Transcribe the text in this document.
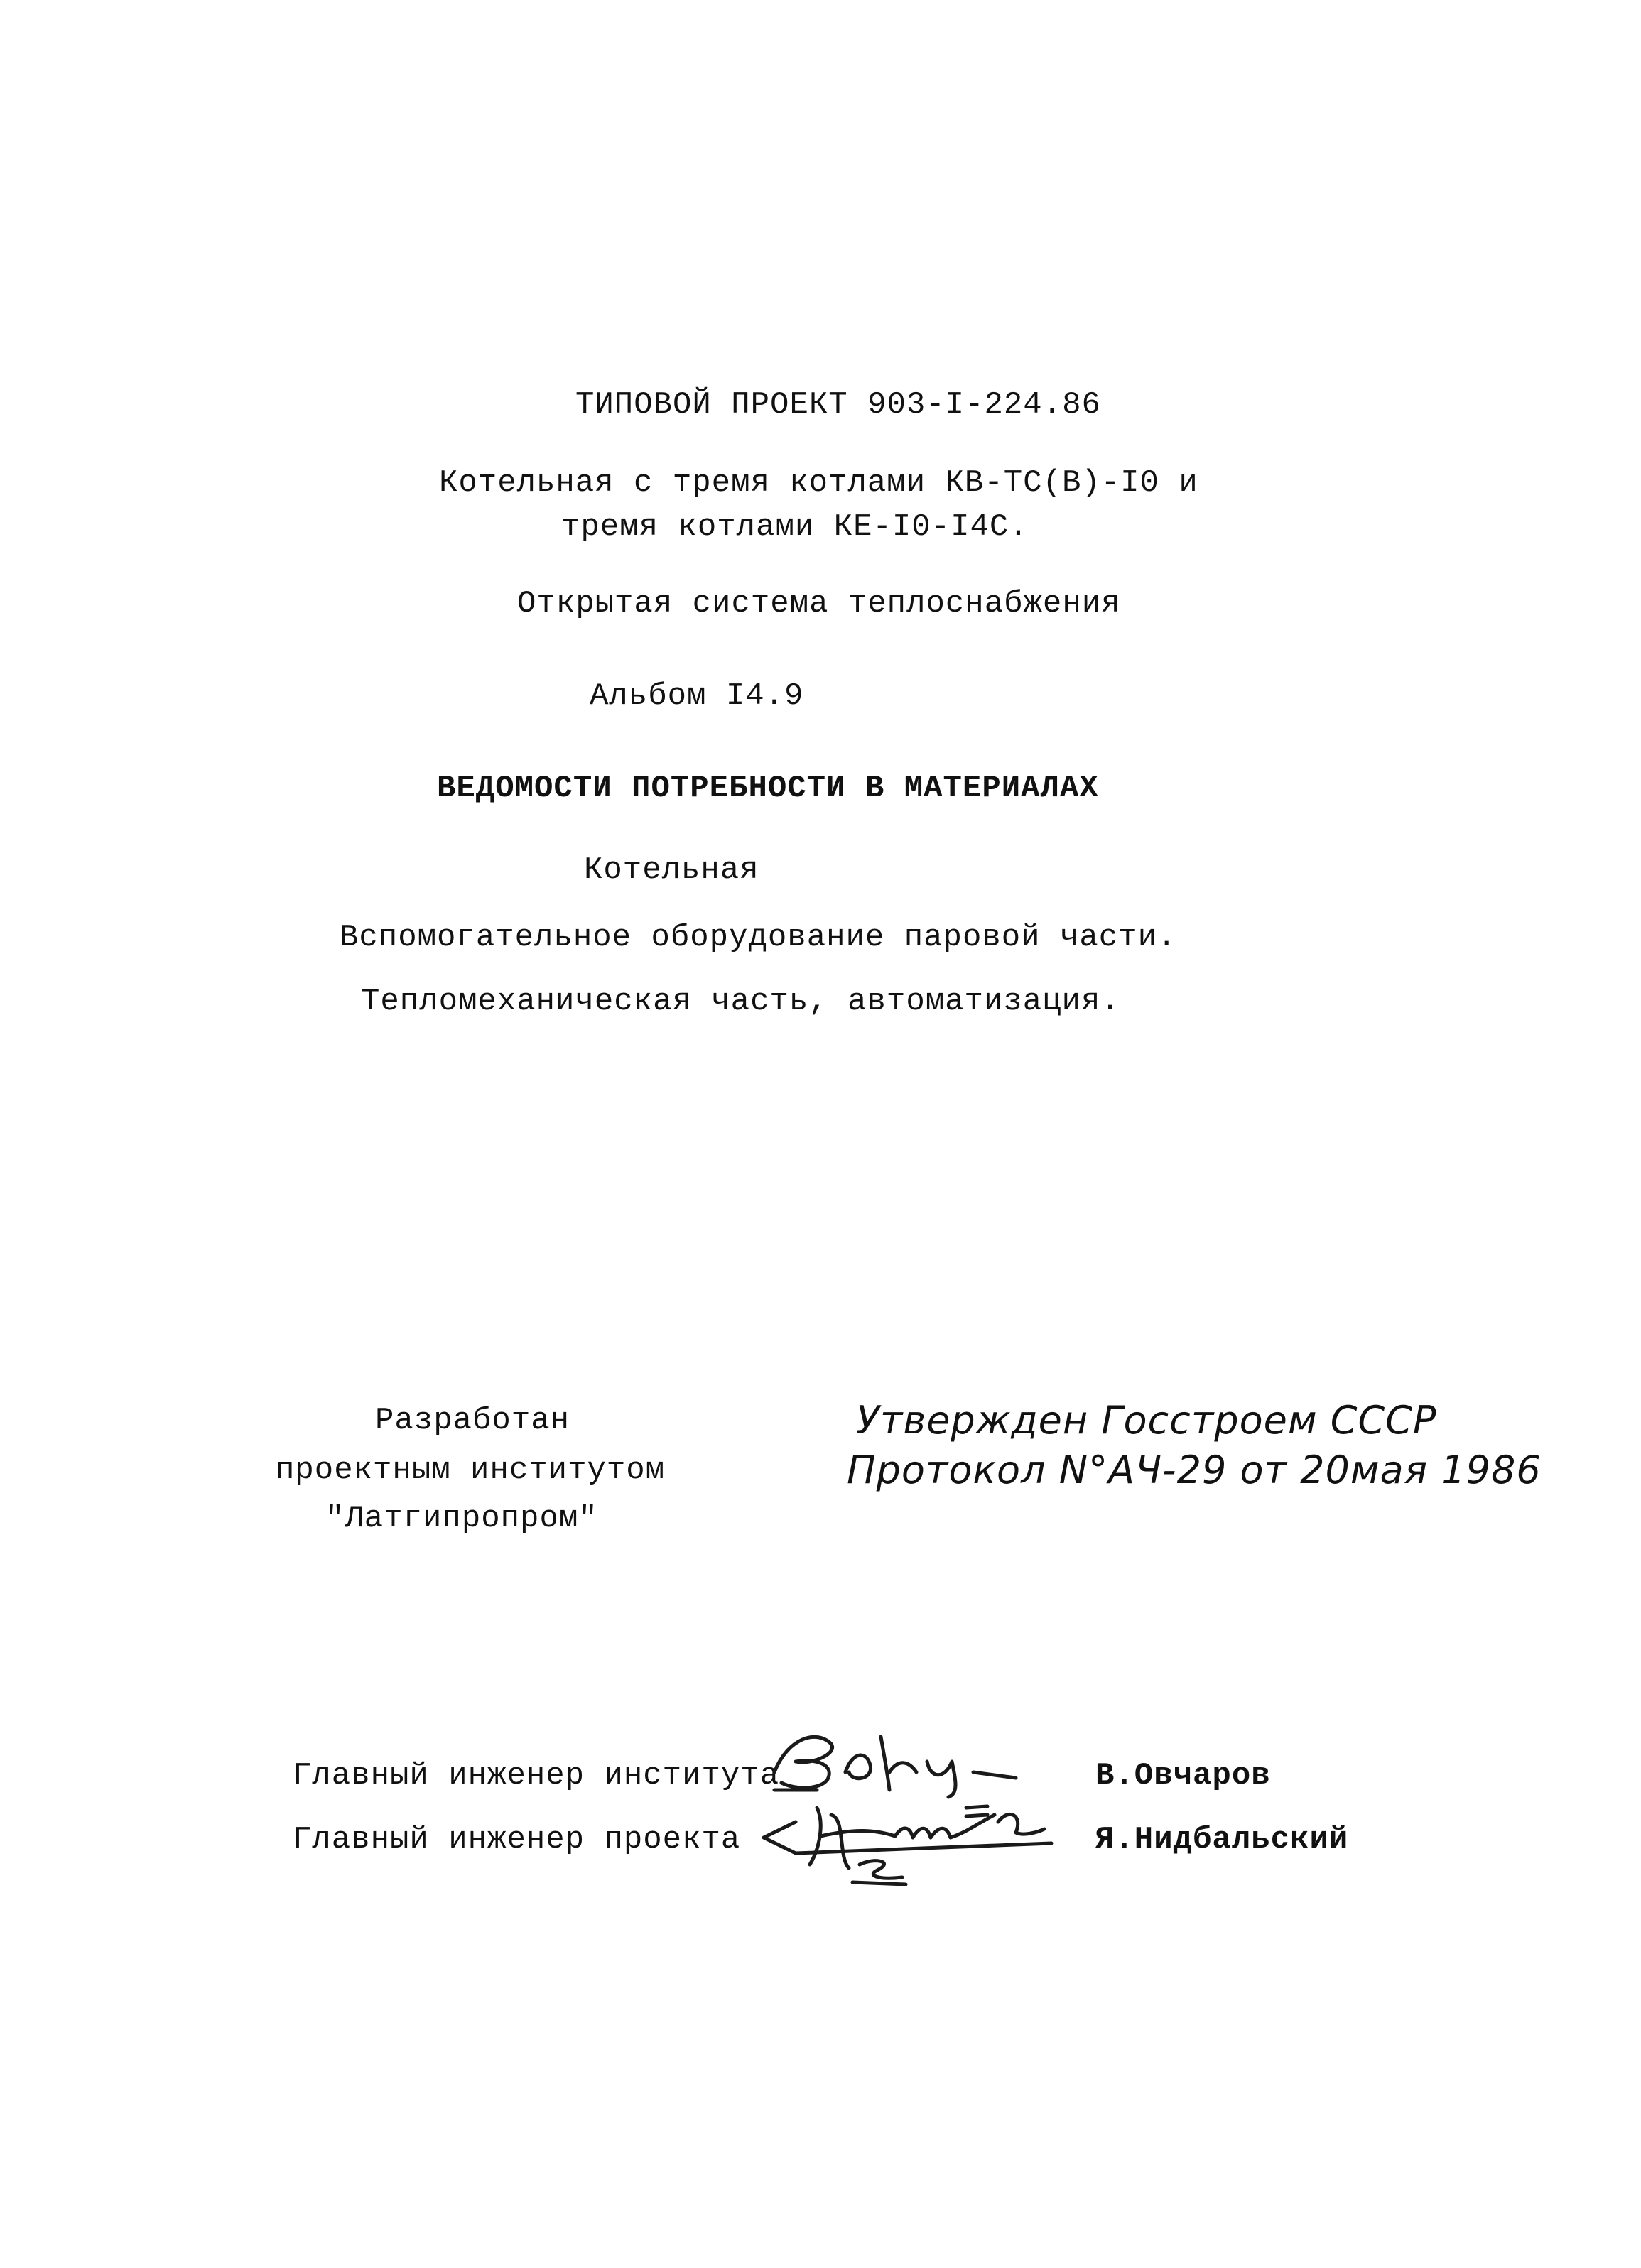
ТИПОВОЙ ПРОЕКТ 903-I-224.86
Котельная с тремя котлами КВ-ТС(В)-I0 и
тремя котлами КЕ-I0-I4С.
Открытая система теплоснабжения
Альбом I4.9
ВЕДОМОСТИ ПОТРЕБНОСТИ В МАТЕРИАЛАХ
Котельная
Вспомогательное оборудование паровой части.
Тепломеханическая часть, автоматизация.
Разработан
проектным институтом
"Латгипропром"
Утвержден Госстроем СССР
Протокол N°АЧ-29 от 20мая 1986
Главный инженер института	В.Овчаров
Главный инженер проекта	Я.Нидбальский
